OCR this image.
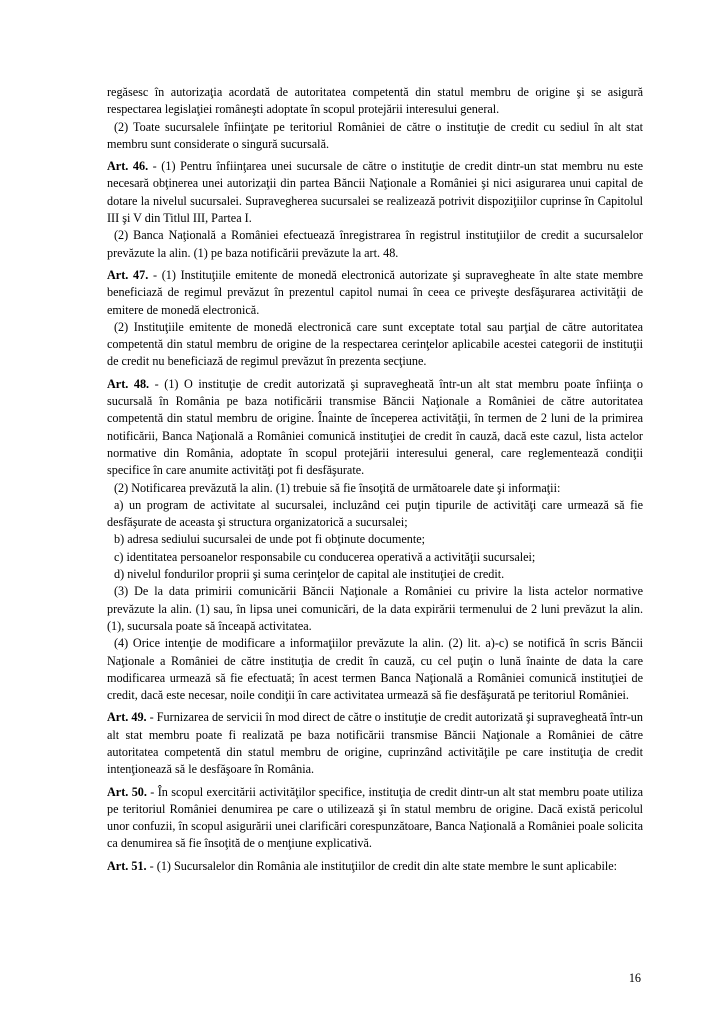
regăsesc în autorizaţia acordată de autoritatea competentă din statul membru de origine şi se asigură respectarea legislaţiei româneşti adoptate în scopul protejării interesului general.

(2) Toate sucursalele înfiinţate pe teritoriul României de către o instituţie de credit cu sediul în alt stat membru sunt considerate o singură sucursală.

Art. 46. - (1) Pentru înfiinţarea unei sucursale de către o instituţie de credit dintr-un stat membru nu este necesară obţinerea unei autorizaţii din partea Băncii Naţionale a României şi nici asigurarea unui capital de dotare la nivelul sucursalei. Supravegherea sucursalei se realizează potrivit dispoziţiilor cuprinse în Capitolul III şi V din Titlul III, Partea I.

(2) Banca Naţională a României efectuează înregistrarea în registrul instituţiilor de credit a sucursalelor prevăzute la alin. (1) pe baza notificării prevăzute la art. 48.

Art. 47. - (1) Instituţiile emitente de monedă electronică autorizate şi supravegheate în alte state membre beneficiază de regimul prevăzut în prezentul capitol numai în ceea ce priveşte desfăşurarea activităţii de emitere de monedă electronică.

(2) Instituţiile emitente de monedă electronică care sunt exceptate total sau parţial de către autoritatea competentă din statul membru de origine de la respectarea cerinţelor aplicabile acestei categorii de instituţii de credit nu beneficiază de regimul prevăzut în prezenta secţiune.

Art. 48. - (1) O instituţie de credit autorizată şi supravegheată într-un alt stat membru poate înfiinţa o sucursală în România pe baza notificării transmise Băncii Naţionale a României de către autoritatea competentă din statul membru de origine. Înainte de începerea activităţii, în termen de 2 luni de la primirea notificării, Banca Naţională a României comunică instituţiei de credit în cauză, dacă este cazul, lista actelor normative din România, adoptate în scopul protejării interesului general, care reglementează condiţii specifice în care anumite activităţi pot fi desfăşurate.

(2) Notificarea prevăzută la alin. (1) trebuie să fie însoţită de următoarele date şi informaţii:

a) un program de activitate al sucursalei, incluzând cei puţin tipurile de activităţi care urmează să fie desfăşurate de aceasta şi structura organizatorică a sucursalei;

b) adresa sediului sucursalei de unde pot fi obţinute documente;

c) identitatea persoanelor responsabile cu conducerea operativă a activităţii sucursalei;

d) nivelul fondurilor proprii şi suma cerinţelor de capital ale instituţiei de credit.

(3) De la data primirii comunicării Băncii Naţionale a României cu privire la lista actelor normative prevăzute la alin. (1) sau, în lipsa unei comunicări, de la data expirării termenului de 2 luni prevăzut la alin. (1), sucursala poate să înceapă activitatea.

(4) Orice intenţie de modificare a informaţiilor prevăzute la alin. (2) lit. a)-c) se notifică în scris Băncii Naţionale a României de către instituţia de credit în cauză, cu cel puţin o lună înainte de data la care modificarea urmează să fie efectuată; în acest termen Banca Naţională a României comunică instituţiei de credit, dacă este necesar, noile condiţii în care activitatea urmează să fie desfăşurată pe teritoriul României.

Art. 49. - Furnizarea de servicii în mod direct de către o instituţie de credit autorizată şi supravegheată într-un alt stat membru poate fi realizată pe baza notificării transmise Băncii Naţionale a României de către autoritatea competentă din statul membru de origine, cuprinzând activităţile pe care instituţia de credit intenţionează să le desfăşoare în România.

Art. 50. - În scopul exercitării activităţilor specifice, instituţia de credit dintr-un alt stat membru poate utiliza pe teritoriul României denumirea pe care o utilizează şi în statul membru de origine. Dacă există pericolul unor confuzii, în scopul asigurării unei clarificări corespunzătoare, Banca Naţională a României poale solicita ca denumirea să fie însoţită de o menţiune explicativă.

Art. 51. - (1) Sucursalelor din România ale instituţiilor de credit din alte state membre le sunt aplicabile:

16
